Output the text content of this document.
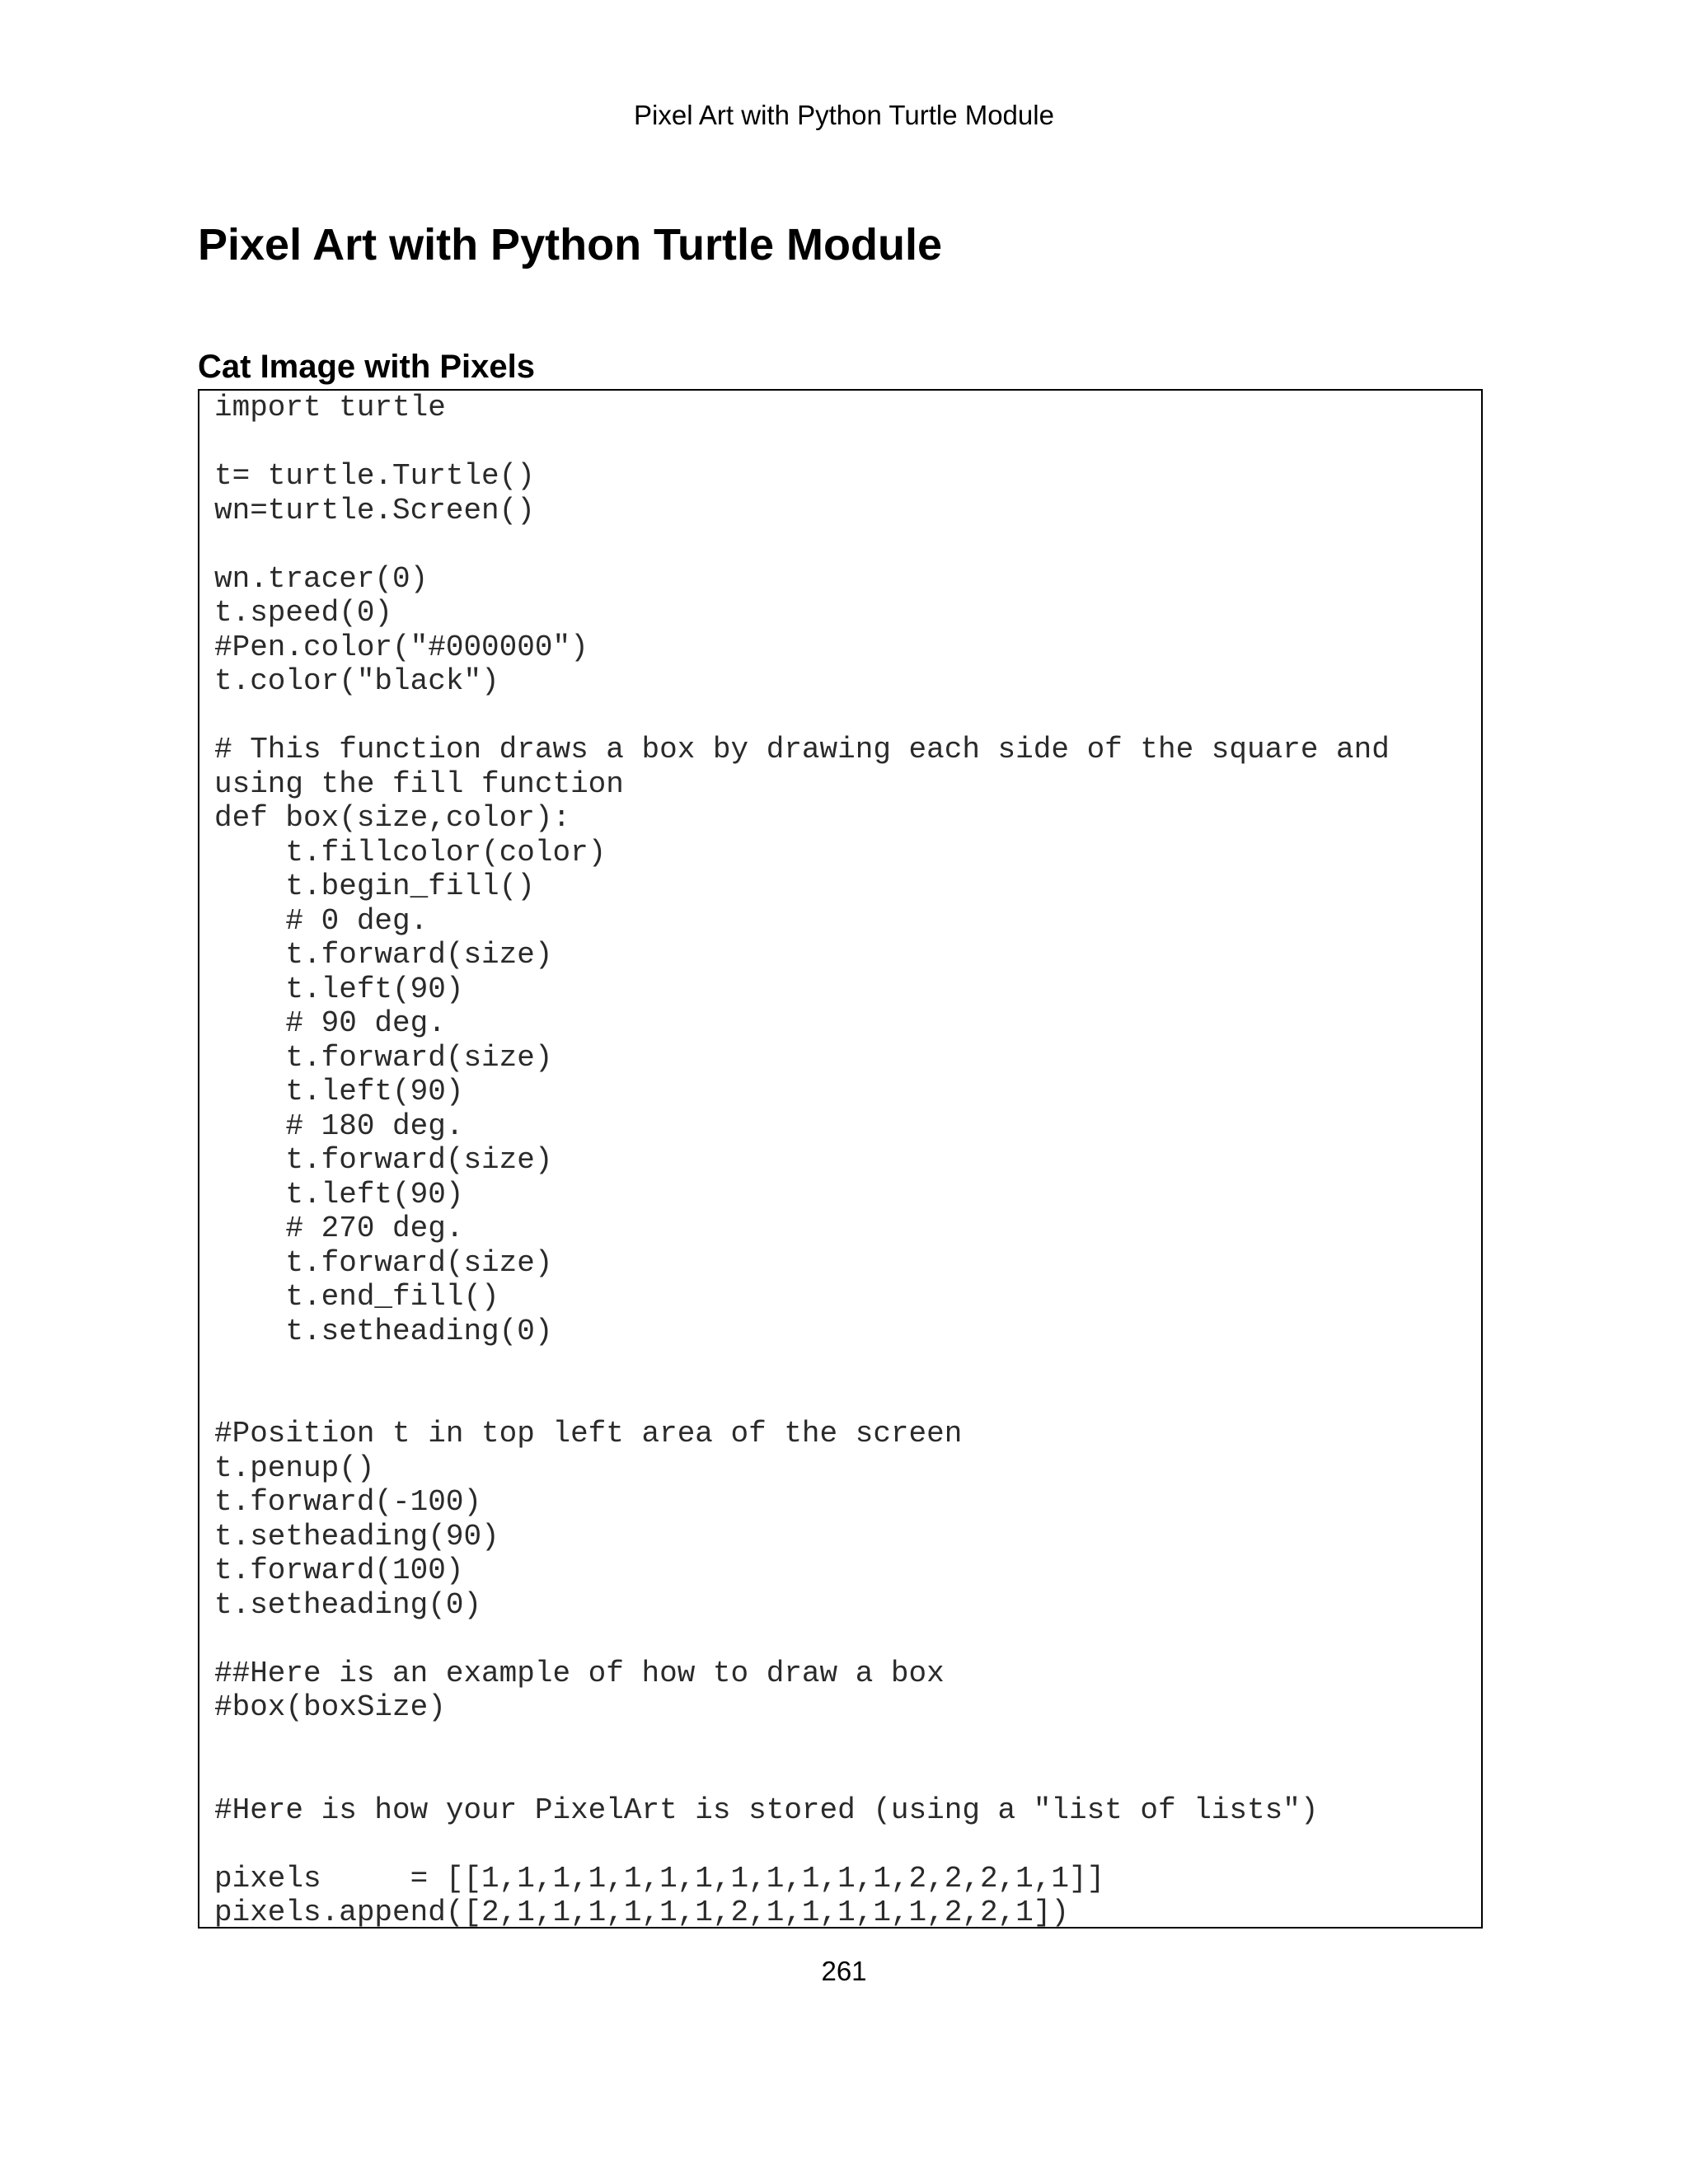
Pixel Art with Python Turtle Module
Pixel Art with Python Turtle Module
Cat Image with Pixels
import turtle
t= turtle.Turtle()
wn=turtle.Screen()
wn.tracer(0)
t.speed(0)
#Pen.color("#000000")
t.color("black")
# This function draws a box by drawing each side of the square and
using the fill function
def box(size,color):
t.fillcolor(color)
t.begin_fill()
# 0 deg.
t.forward(size)
t.left(90)
# 90 deg.
t.forward(size)
t.left(90)
# 180 deg.
t.forward(size)
t.left(90)
# 270 deg.
t.forward(size)
t.end_fill()
t.setheading(0)
#Position t in top left area of the screen
t.penup()
t.forward(-100)
t.setheading(90)
t.forward(100)
t.setheading(0)
##Here is an example of how to draw a box
#box(boxSize)
#Here is how your PixelArt is stored (using a "list of lists")
pixels     = [[1,1,1,1,1,1,1,1,1,1,1,1,2,2,2,1,1]]
pixels.append([2,1,1,1,1,1,1,2,1,1,1,1,1,2,2,1])
261
